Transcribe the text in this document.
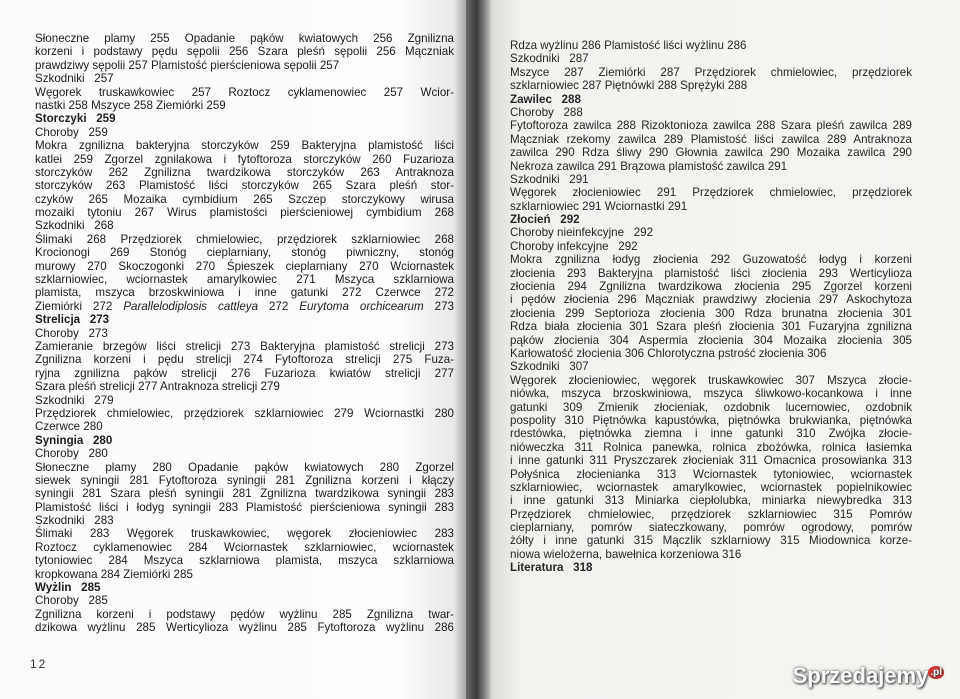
Słoneczne plamy 255 Opadanie pąków kwiatowych 256 Zgnilizna
korzeni i podstawy pędu sępolii 256 Szara pleśń sępolii 256 Mączniak
prawdziwy sępolii 257 Plamistość pierścieniowa sępolii 257
Szkodniki   257
Węgorek truskawkowiec 257 Roztocz cyklamenowiec 257 Wcior-
nastki 258 Mszyce 258 Ziemiórki 259
Storczyki   259
Choroby   259
Mokra zgnilizna bakteryjna storczyków 259 Bakteryjna plamistość liści
katlei 259 Zgorzel zgnilakowa i fytoftoroza storczyków 260 Fuzarioza
storczyków 262 Zgnilizna twardzikowa storczyków 263 Antraknoza
storczyków 263 Plamistość liści storczyków 265 Szara pleśń stor-
czyków 265 Mozaika cymbidium 265 Szczep storczykowy wirusa
mozaiki tytoniu 267 Wirus plamistości pierścieniowej cymbidium 268
Szkodniki   268
Ślimaki 268 Przędziorek chmielowiec, przędziorek szklarniowiec 268
Krocionogi 269 Stonóg cieplarniany, stonóg piwniczny, stonóg
murowy 270 Skoczogonki 270 Śpieszek cieplarniany 270 Wciornastek
szklarniowiec, wciornastek amarylkowiec 271 Mszyca szklarniowa
plamista, mszyca brzoskwiniowa i inne gatunki 272 Czerwce 272
Ziemiórki 272 Parallelodiplosis cattleya 272 Eurytoma orchicearum 273
Strelicja   273
Choroby   273
Zamieranie brzegów liści strelicji 273 Bakteryjna plamistość strelicji 273
Zgnilizna korzeni i pędu strelicji 274 Fytoftoroza strelicji 275 Fuza-
ryjna zgnilizna pąków strelicji 276 Fuzarioza kwiatów strelicji 277
Szara pleśń strelicji 277 Antraknoza strelicji 279
Szkodniki   279
Przędziorek chmielowiec, przędziorek szklarniowiec 279 Wciornastki 280
Czerwce 280
Syningia   280
Choroby   280
Słoneczne plamy 280 Opadanie pąków kwiatowych 280 Zgorzel
siewek syningii 281 Fytoftoroza syningii 281 Zgnilizna korzeni i kłączy
syningii 281 Szara pleśń syningii 281 Zgnilizna twardzikowa syningii 283
Plamistość liści i łodyg syningii 283 Plamistość pierścieniowa syningii 283
Szkodniki   283
Ślimaki 283 Węgorek truskawkowiec, węgorek złocieniowiec 283
Roztocz cyklamenowiec 284 Wciornastek szklarniowiec, wciornastek
tytoniowiec 284 Mszyca szklarniowa plamista, mszyca szklarniowa
kropkowana 284 Ziemiórki 285
Wyżlin   285
Choroby   285
Zgnilizna korzeni i podstawy pędów wyżlinu 285 Zgnilizna twar-
dzikowa wyżlinu 285 Werticylioza wyżlinu 285 Fytoftoroza wyżlinu 286
12
Rdza wyżlinu 286 Plamistość liści wyżlinu 286
Szkodniki   287
Mszyce 287 Ziemiórki 287 Przędziorek chmielowiec, przędziorek
szklarniowiec 287 Piętnówki 288 Sprężyki 288
Zawilec   288
Choroby   288
Fytoftoroza zawilca 288 Rizoktonioza zawilca 288 Szara pleśń zawilca 289
Mączniak rzekomy zawilca 289 Plamistość liści zawilca 289 Antraknoza
zawilca 290 Rdza śliwy 290 Głownia zawilca 290 Mozaika zawilca 290
Nekroza zawilca 291 Brązowa plamistość zawilca 291
Szkodniki   291
Węgorek złocieniowiec 291 Przędziorek chmielowiec, przędziorek
szklarniowiec 291 Wciornastki 291
Złocień   292
Choroby nieinfekcyjne   292
Choroby infekcyjne   292
Mokra zgnilizna łodyg złocienia 292 Guzowatość łodyg i korzeni
złocienia 293 Bakteryjna plamistość liści złocienia 293 Werticylioza
złocienia 294 Zgnilizna twardzikowa złocienia 295 Zgorzel korzeni
i pędów złocienia 296 Mączniak prawdziwy złocienia 297 Askochytoza
złocienia 299 Septorioza złocienia 300 Rdza brunatna złocienia 301
Rdza biała złocienia 301 Szara pleśń złocienia 301 Fuzaryjna zgnilizna
pąków złocienia 304 Aspermia złocienia 304 Mozaika złocienia 305
Karłowatość złocienia 306 Chlorotyczna pstrość złocienia 306
Szkodniki   307
Węgorek złocieniowiec, węgorek truskawkowiec 307 Mszyca złocie-
niówka, mszyca brzoskwiniowa, mszyca śliwkowo-kocankowa i inne
gatunki 309 Zmienik złocieniak, ozdobnik lucernowiec, ozdobnik
pospolity 310 Piętnówka kapustówka, piętnówka brukwianka, piętnówka
rdestówka, piętnówka ziemna i inne gatunki 310 Zwójka złocie-
nióweczka 311 Rolnica panewka, rolnica zbożówka, rolnica łasiemka
i inne gatunki 311 Pryszczarek złocieniak 311 Omacnica prosowianka 313
Połyśnica złocienianka 313 Wciornastek tytoniowiec, wciornastek
szklarniowiec, wciornastek amarylkowiec, wciornastek popielnikowiec
i inne gatunki 313 Miniarka ciepłolubka, miniarka niewybredka 313
Przędziorek chmielowiec, przędziorek szklarniowiec 315 Pomrów
cieplarniany, pomrów siateczkowany, pomrów ogrodowy, pomrów
żółty i inne gatunki 315 Mączlik szklarniowy 315 Miodownica korze-
niowa wielożerna, bawełnica korzeniowa 316
Literatura   318
Sprzedajemy $^{.pl}$
